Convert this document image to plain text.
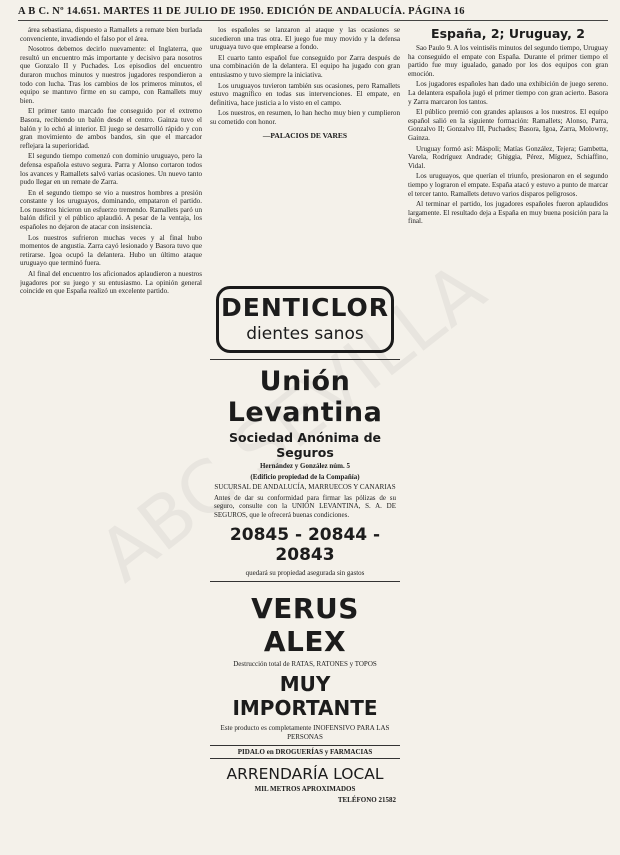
A B C. Nº 14.651. MARTES 11 DE JULIO DE 1950. EDICIÓN DE ANDALUCÍA. PÁGINA 16

área sebastiana, dispuesto a Ramallets a remate bien burlada convenciente, invadiendo el falso por el área.

Nosotros debemos decirlo nuevamente: el Inglaterra, que resultó un encuentro más importante y decisivo para nosotros que Gonzalo II y Puchades. Los episodios del encuentro duraron muchos minutos y nuestros jugadores respondieron a todo con lucha. Tras los cambios de los primeros minutos, el equipo se mantuvo firme en su campo, con Ramallets muy bien.

El primer tanto marcado fue conseguido por el extremo Basora, recibiendo un balón desde el centro. Gainza tuvo el balón y lo echó al interior. El juego se desarrolló rápido y con gran movimiento de ambos bandos, sin que el marcador reflejara la superioridad.

El segundo tiempo comenzó con dominio uruguayo, pero la defensa española estuvo segura. Parra y Alonso cortaron todos los avances y Ramallets salvó varias ocasiones. Un nuevo tanto pudo llegar en un remate de Zarra.

En el segundo tiempo se vio a nuestros hombres a presión constante y los uruguayos, dominando, empataron el partido. Los nuestros hicieron un esfuerzo tremendo. Ramallets paró un balón difícil y el público aplaudió. A pesar de la ventaja, los españoles no dejaron de atacar con insistencia.

Los nuestros sufrieron muchas veces y al final hubo momentos de angustia. Zarra cayó lesionado y Basora tuvo que retirarse. Igoa ocupó la delantera. Hubo un último ataque uruguayo que terminó fuera.

Al final del encuentro los aficionados aplaudieron a nuestros jugadores por su juego y su entusiasmo. La opinión general coincide en que España realizó un excelente partido.

los españoles se lanzaron al ataque y las ocasiones se sucedieron una tras otra. El juego fue muy movido y la defensa uruguaya tuvo que emplearse a fondo.

El cuarto tanto español fue conseguido por Zarra después de una combinación de la delantera. El equipo ha jugado con gran entusiasmo y tuvo siempre la iniciativa.

Los uruguayos tuvieron también sus ocasiones, pero Ramallets estuvo magnífico en todas sus intervenciones. El empate, en definitiva, hace justicia a lo visto en el campo.

Los nuestros, en resumen, lo han hecho muy bien y cumplieron su cometido con honor.

—PALACIOS DE VARES
DENTICLOR
dientes sanos
Unión Levantina
Sociedad Anónima de Seguros
Hernández y González núm. 5
(Edificio propiedad de la Compañía)
SUCURSAL DE ANDALUCÍA, MARRUECOS Y CANARIAS
Antes de dar su conformidad para firmar las pólizas de su seguro, consulte con la UNIÓN LEVANTINA, S. A. DE SEGUROS, que le ofrecerá buenas condiciones.
20845 - 20844 - 20843
quedará su propiedad asegurada sin gastos
VERUS ALEX
Destrucción total de RATAS, RATONES y TOPOS
MUY IMPORTANTE
Este producto es completamente INOFENSIVO PARA LAS PERSONAS
PIDALO en DROGUERÍAS y FARMACIAS
ARRENDARÍA LOCAL
MIL METROS APROXIMADOS
TELÉFONO 21582
España, 2; Uruguay, 2

Sao Paulo 9. A los veintiséis minutos del segundo tiempo, Uruguay ha conseguido el empate con España. Durante el primer tiempo el partido fue muy igualado, ganado por los dos equipos con gran emoción.

Los jugadores españoles han dado una exhibición de juego sereno. La delantera española jugó el primer tiempo con gran acierto. Basora y Zarra marcaron los tantos.

El público premió con grandes aplausos a los nuestros. El equipo español salió en la siguiente formación: Ramallets; Alonso, Parra, Gonzalvo II; Gonzalvo III, Puchades; Basora, Igoa, Zarra, Molowny, Gainza.

Uruguay formó así: Máspoli; Matías González, Tejera; Gambetta, Varela, Rodríguez Andrade; Ghiggia, Pérez, Míguez, Schiaffino, Vidal.

Los uruguayos, que querían el triunfo, presionaron en el segundo tiempo y lograron el empate. España atacó y estuvo a punto de marcar el tercer tanto. Ramallets detuvo varios disparos peligrosos.

Al terminar el partido, los jugadores españoles fueron aplaudidos largamente. El resultado deja a España en muy buena posición para la final.
